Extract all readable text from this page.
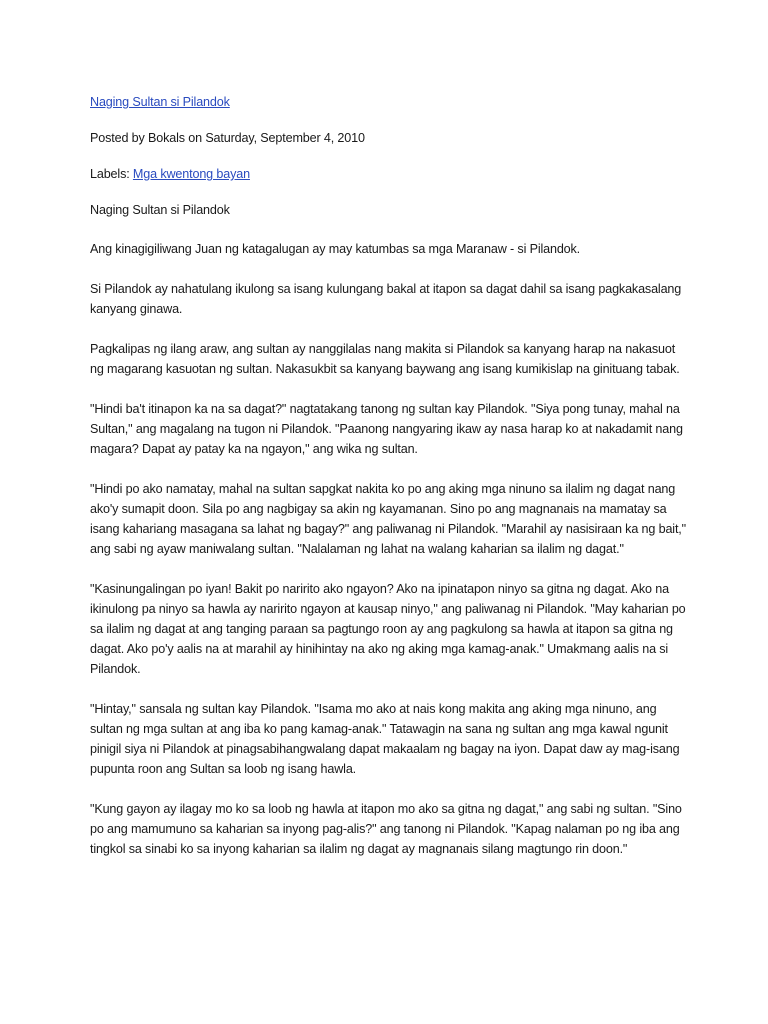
Naging Sultan si Pilandok

Posted by Bokals on Saturday, September 4, 2010

Labels: Mga kwentong bayan

Naging Sultan si Pilandok

Ang kinagigiliwang Juan ng katagalugan ay may katumbas sa mga Maranaw - si Pilandok.

Si Pilandok ay nahatulang ikulong sa isang kulungang bakal at itapon sa dagat dahil sa isang pagkakasalang kanyang ginawa.

Pagkalipas ng ilang araw, ang sultan ay nanggilalas nang makita si Pilandok sa kanyang harap na nakasuot ng magarang kasuotan ng sultan. Nakasukbit sa kanyang baywang ang isang kumikislap na ginituang tabak.

"Hindi ba't itinapon ka na sa dagat?" nagtatakang tanong ng sultan kay Pilandok. "Siya pong tunay, mahal na Sultan," ang magalang na tugon ni Pilandok. "Paanong nangyaring ikaw ay nasa harap ko at nakadamit nang magara? Dapat ay patay ka na ngayon," ang wika ng sultan.

"Hindi po ako namatay, mahal na sultan sapgkat nakita ko po ang aking mga ninuno sa ilalim ng dagat nang ako'y sumapit doon. Sila po ang nagbigay sa akin ng kayamanan. Sino po ang magnanais na mamatay sa isang kahariang masagana sa lahat ng bagay?" ang paliwanag ni Pilandok. "Marahil ay nasisiraan ka ng bait," ang sabi ng ayaw maniwalang sultan. "Nalalaman ng lahat na walang kaharian sa ilalim ng dagat."

"Kasinungalingan po iyan! Bakit po naririto ako ngayon? Ako na ipinatapon ninyo sa gitna ng dagat. Ako na ikinulong pa ninyo sa hawla ay naririto ngayon at kausap ninyo," ang paliwanag ni Pilandok. "May kaharian po sa ilalim ng dagat at ang tanging paraan sa pagtungo roon ay ang pagkulong sa hawla at itapon sa gitna ng dagat. Ako po'y aalis na at marahil ay hinihintay na ako ng aking mga kamag-anak." Umakmang aalis na si Pilandok.

"Hintay," sansala ng sultan kay Pilandok. "Isama mo ako at nais kong makita ang aking mga ninuno, ang sultan ng mga sultan at ang iba ko pang kamag-anak." Tatawagin na sana ng sultan ang mga kawal ngunit pinigil siya ni Pilandok at pinagsabihangwalang dapat makaalam ng bagay na iyon. Dapat daw ay mag-isang pupunta roon ang Sultan sa loob ng isang hawla.

"Kung gayon ay ilagay mo ko sa loob ng hawla at itapon mo ako sa gitna ng dagat," ang sabi ng sultan. "Sino po ang mamumuno sa kaharian sa inyong pag-alis?" ang tanong ni Pilandok. "Kapag nalaman po ng iba ang tingkol sa sinabi ko sa inyong kaharian sa ilalim ng dagat ay magnanais silang magtungo rin doon."
